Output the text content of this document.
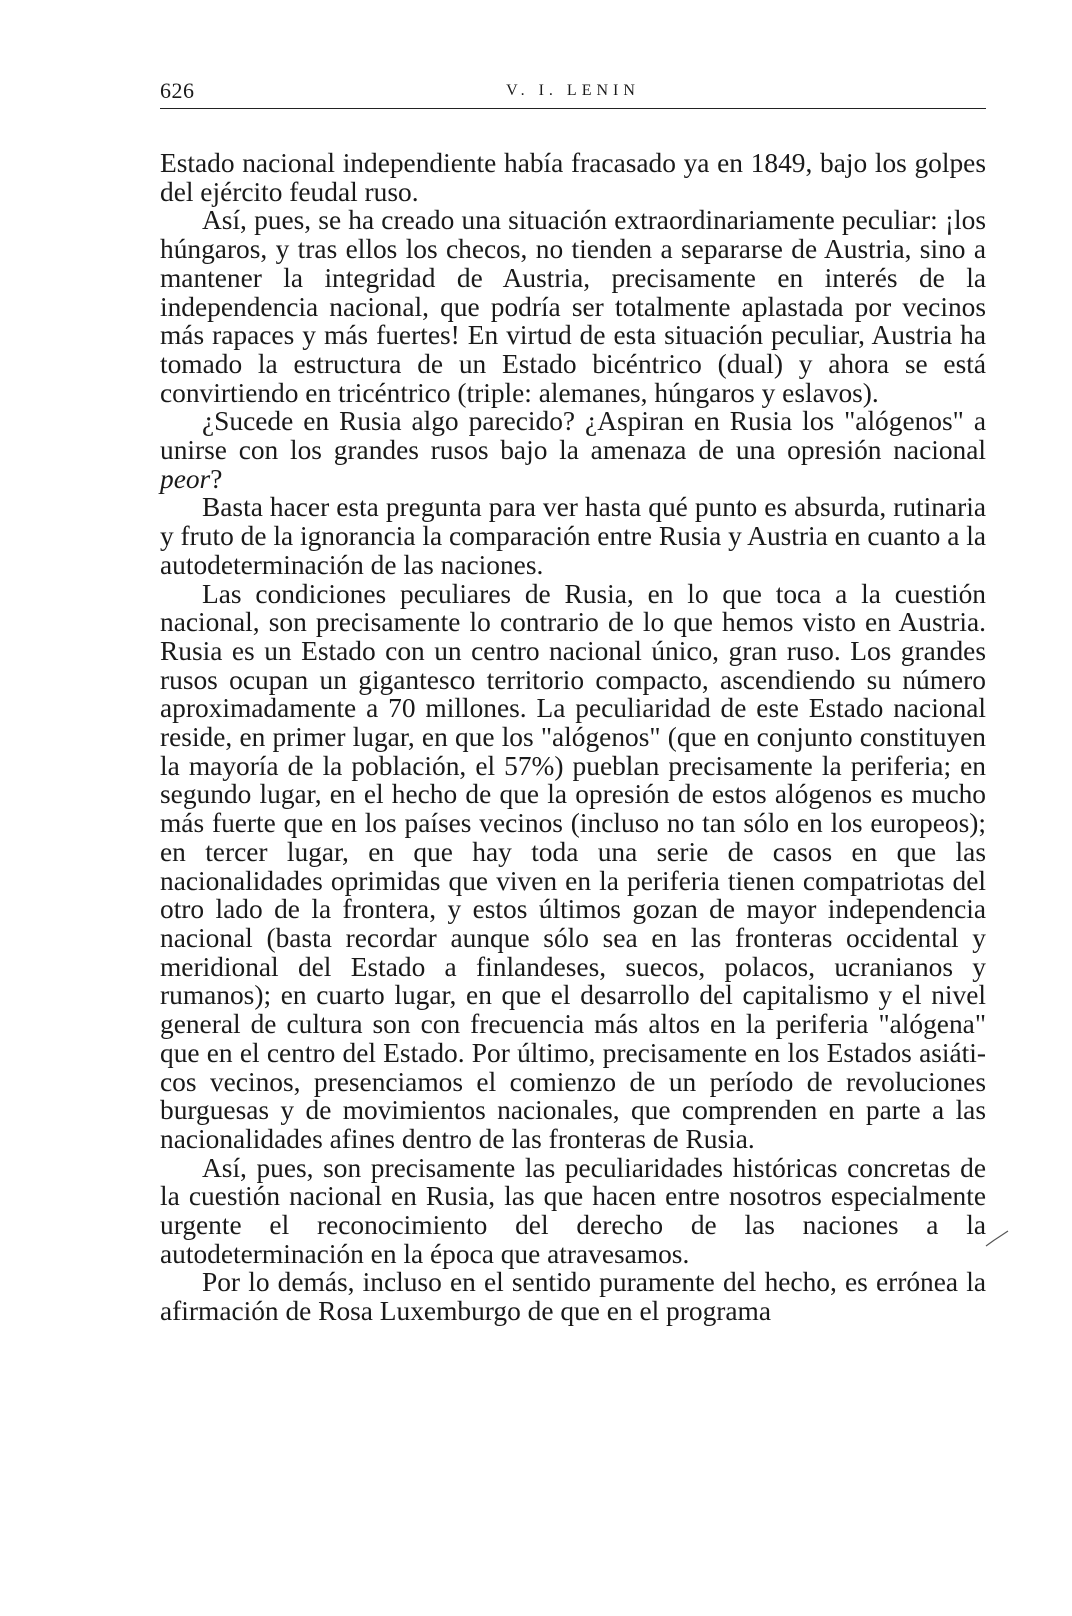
626	V. I. LENIN

Estado nacional independiente había fracasado ya en 1849, bajo los golpes del ejército feudal ruso.

Así, pues, se ha creado una situación extraordinariamente peculiar: ¡los húngaros, y tras ellos los checos, no tienden a separarse de Austria, sino a mantener la integridad de Austria, precisamente en interés de la independencia nacional, que podría ser totalmente aplastada por vecinos más rapaces y más fuertes! En virtud de esta situación peculiar, Austria ha tomado la estructura de un Estado bicéntrico (dual) y ahora se está convirtiendo en tricéntrico (triple: alemanes, húngaros y eslavos).

¿Sucede en Rusia algo parecido? ¿Aspiran en Rusia los "alógenos" a unirse con los grandes rusos bajo la amenaza de una opresión nacional peor?

Basta hacer esta pregunta para ver hasta qué punto es absurda, rutinaria y fruto de la ignorancia la comparación entre Rusia y Austria en cuanto a la autodeterminación de las naciones.

Las condiciones peculiares de Rusia, en lo que toca a la cuestión nacional, son precisamente lo contrario de lo que hemos visto en Austria. Rusia es un Estado con un centro nacional único, gran ruso. Los grandes rusos ocupan un gigantesco territorio compacto, ascendiendo su número aproximadamente a 70 millones. La peculiaridad de este Estado nacional reside, en primer lugar, en que los "alógenos" (que en conjunto constituyen la mayoría de la población, el 57%) pueblan precisamente la periferia; en segundo lugar, en el hecho de que la opresión de estos alógenos es mucho más fuerte que en los países vecinos (incluso no tan sólo en los europeos); en tercer lugar, en que hay toda una serie de casos en que las nacionalidades oprimidas que viven en la periferia tienen compatriotas del otro lado de la frontera, y estos últimos gozan de mayor independencia nacional (basta recordar aunque sólo sea en las fronteras occidental y meridional del Estado a finlandeses, suecos, polacos, ucranianos y rumanos); en cuarto lugar, en que el desarrollo del capitalismo y el nivel general de cultura son con frecuencia más altos en la periferia "alógena" que en el centro del Estado. Por último, precisamente en los Estados asiáticos vecinos, presenciamos el comienzo de un período de revoluciones burguesas y de movimientos nacionales, que comprenden en parte a las nacionalidades afines dentro de las fronteras de Rusia.

Así, pues, son precisamente las peculiaridades históricas concretas de la cuestión nacional en Rusia, las que hacen entre nosotros especialmente urgente el reconocimiento del derecho de las naciones a la autodeterminación en la época que atravesamos.

Por lo demás, incluso en el sentido puramente del hecho, es errónea la afirmación de Rosa Luxemburgo de que en el programa
